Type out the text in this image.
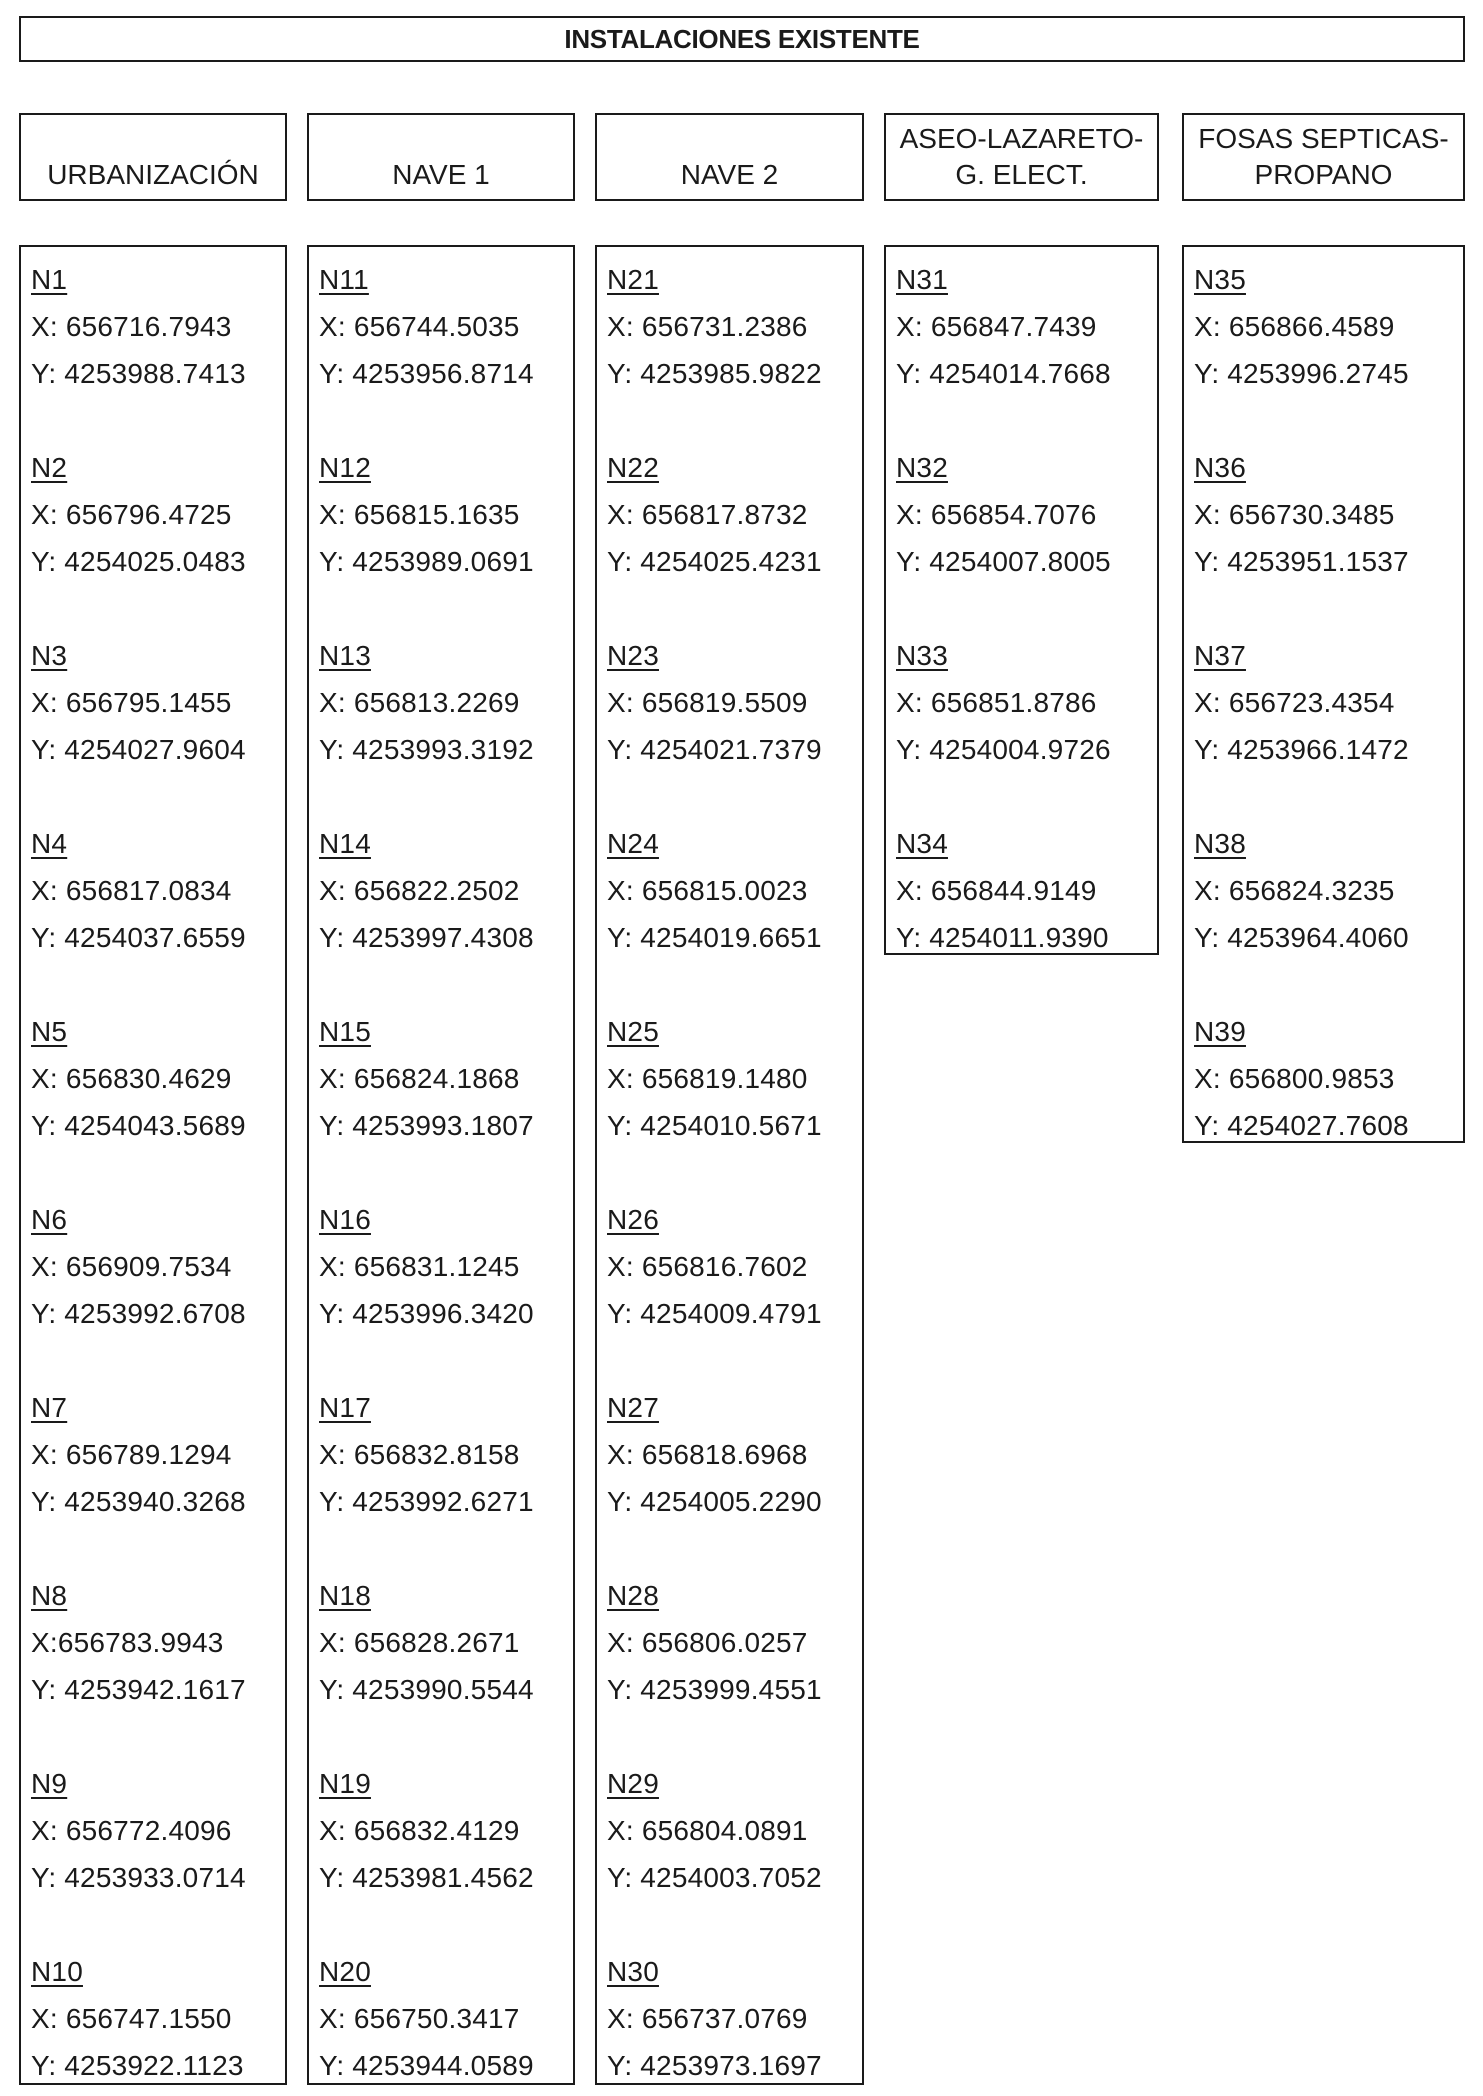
INSTALACIONES EXISTENTE
URBANIZACIÓN	NAVE 1	NAVE 2
ASEO-LAZARETO-
G. ELECT.
FOSAS SEPTICAS-
PROPANO
N1
X: 656716.7943
Y: 4253988.7413
N2
X: 656796.4725
Y: 4254025.0483
N3
X: 656795.1455
Y: 4254027.9604
N4
X: 656817.0834
Y: 4254037.6559
N5
X: 656830.4629
Y: 4254043.5689
N6
X: 656909.7534
Y: 4253992.6708
N7
X: 656789.1294
Y: 4253940.3268
N8
X:656783.9943
Y: 4253942.1617
N9
X: 656772.4096
Y: 4253933.0714
N10
X: 656747.1550
Y: 4253922.1123
N11
X: 656744.5035
Y: 4253956.8714
N12
X: 656815.1635
Y: 4253989.0691
N13
X: 656813.2269
Y: 4253993.3192
N14
X: 656822.2502
Y: 4253997.4308
N15
X: 656824.1868
Y: 4253993.1807
N16
X: 656831.1245
Y: 4253996.3420
N17
X: 656832.8158
Y: 4253992.6271
N18
X: 656828.2671
Y: 4253990.5544
N19
X: 656832.4129
Y: 4253981.4562
N20
X: 656750.3417
Y: 4253944.0589
N21
X: 656731.2386
Y: 4253985.9822
N22
X: 656817.8732
Y: 4254025.4231
N23
X: 656819.5509
Y: 4254021.7379
N24
X: 656815.0023
Y: 4254019.6651
N25
X: 656819.1480
Y: 4254010.5671
N26
X: 656816.7602
Y: 4254009.4791
N27
X: 656818.6968
Y: 4254005.2290
N28
X: 656806.0257
Y: 4253999.4551
N29
X: 656804.0891
Y: 4254003.7052
N30
X: 656737.0769
Y: 4253973.1697
N31
X: 656847.7439
Y: 4254014.7668
N32
X: 656854.7076
Y: 4254007.8005
N33
X: 656851.8786
Y: 4254004.9726
N34
X: 656844.9149
Y: 4254011.9390
N35
X: 656866.4589
Y: 4253996.2745
N36
X: 656730.3485
Y: 4253951.1537
N37
X: 656723.4354
Y: 4253966.1472
N38
X: 656824.3235
Y: 4253964.4060
N39
X: 656800.9853
Y: 4254027.7608
